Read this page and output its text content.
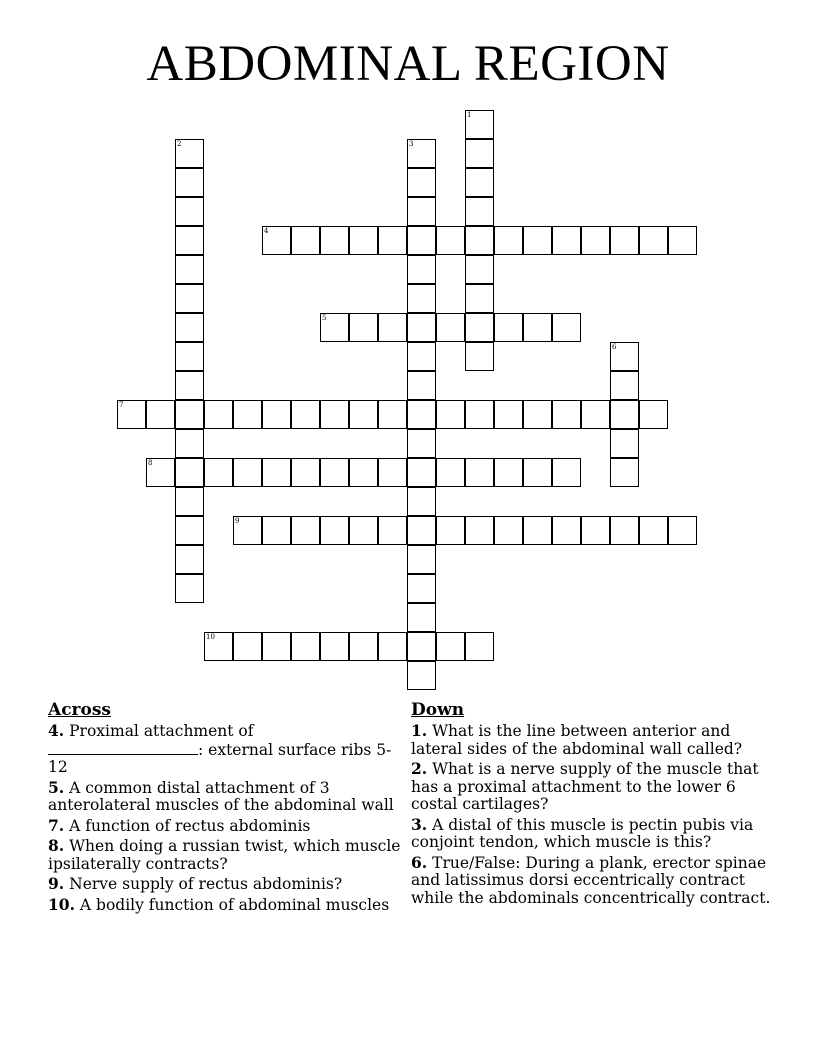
ABDOMINAL REGION
1
2	3
4
5
6
7
8
9
10
Across
4. Proximal attachment of
: external surface ribs 5-12
5. A common distal attachment of 3 anterolateral muscles of the abdominal wall
7. A function of rectus abdominis
8. When doing a russian twist, which muscle ipsilaterally contracts?
9. Nerve supply of rectus abdominis?
10. A bodily function of abdominal muscles
Down
1. What is the line between anterior and lateral sides of the abdominal wall called?
2. What is a nerve supply of the muscle that has a proximal attachment to the lower 6 costal cartilages?
3. A distal of this muscle is pectin pubis via conjoint tendon, which muscle is this?
6. True/False: During a plank, erector spinae and latissimus dorsi eccentrically contract while the abdominals concentrically contract.
